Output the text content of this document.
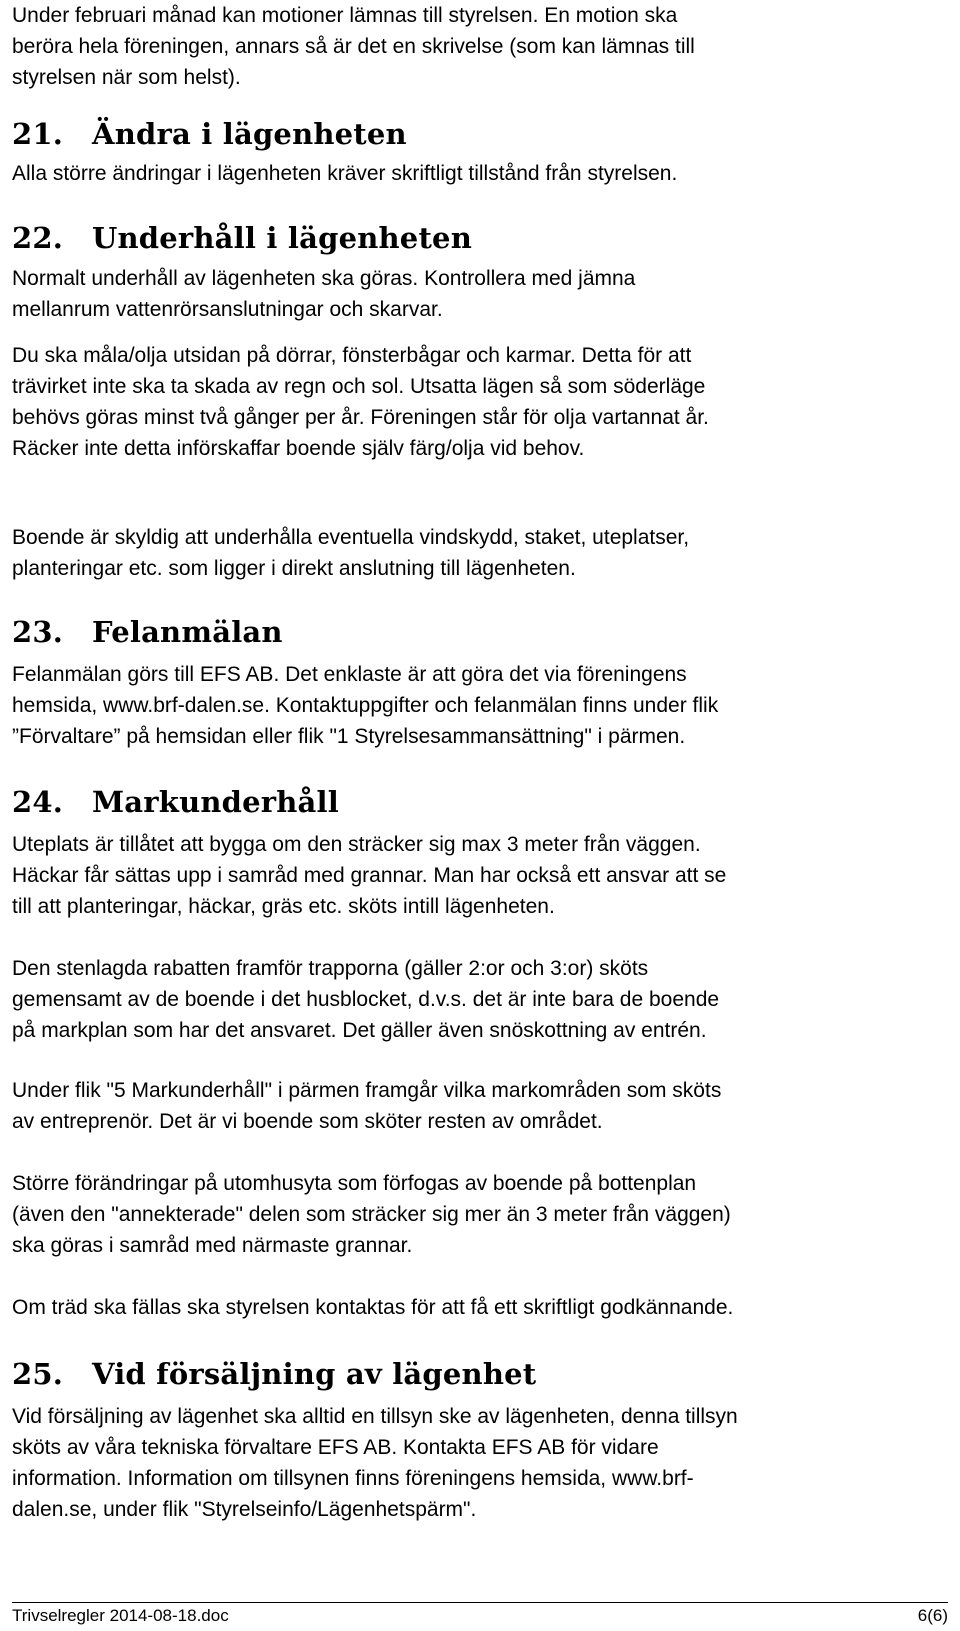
Under februari månad kan motioner lämnas till styrelsen. En motion ska
beröra hela föreningen, annars så är det en skrivelse (som kan lämnas till
styrelsen när som helst).

21. Ändra i lägenheten

Alla större ändringar i lägenheten kräver skriftligt tillstånd från styrelsen.

22. Underhåll i lägenheten

Normalt underhåll av lägenheten ska göras. Kontrollera med jämna
mellanrum vattenrörsanslutningar och skarvar.

Du ska måla/olja utsidan på dörrar, fönsterbågar och karmar. Detta för att
trävirket inte ska ta skada av regn och sol. Utsatta lägen så som söderläge
behövs göras minst två gånger per år. Föreningen står för olja vartannat år.
Räcker inte detta införskaffar boende själv färg/olja vid behov.

Boende är skyldig att underhålla eventuella vindskydd, staket, uteplatser,
planteringar etc. som ligger i direkt anslutning till lägenheten.

23. Felanmälan

Felanmälan görs till EFS AB. Det enklaste är att göra det via föreningens
hemsida, www.brf-dalen.se. Kontaktuppgifter och felanmälan finns under flik
”Förvaltare” på hemsidan eller flik "1 Styrelsesammansättning" i pärmen.

24. Markunderhåll

Uteplats är tillåtet att bygga om den sträcker sig max 3 meter från väggen.
Häckar får sättas upp i samråd med grannar. Man har också ett ansvar att se
till att planteringar, häckar, gräs etc. sköts intill lägenheten.

Den stenlagda rabatten framför trapporna (gäller 2:or och 3:or) sköts
gemensamt av de boende i det husblocket, d.v.s. det är inte bara de boende
på markplan som har det ansvaret. Det gäller även snöskottning av entrén.

Under flik "5 Markunderhåll" i pärmen framgår vilka markområden som sköts
av entreprenör. Det är vi boende som sköter resten av området.

Större förändringar på utomhusyta som förfogas av boende på bottenplan
(även den "annekterade" delen som sträcker sig mer än 3 meter från väggen)
ska göras i samråd med närmaste grannar.

Om träd ska fällas ska styrelsen kontaktas för att få ett skriftligt godkännande.

25. Vid försäljning av lägenhet

Vid försäljning av lägenhet ska alltid en tillsyn ske av lägenheten, denna tillsyn
sköts av våra tekniska förvaltare EFS AB. Kontakta EFS AB för vidare
information. Information om tillsynen finns föreningens hemsida, www.brf-
dalen.se, under flik "Styrelseinfo/Lägenhetspärm".

Trivselregler 2014-08-18.doc	6(6)
